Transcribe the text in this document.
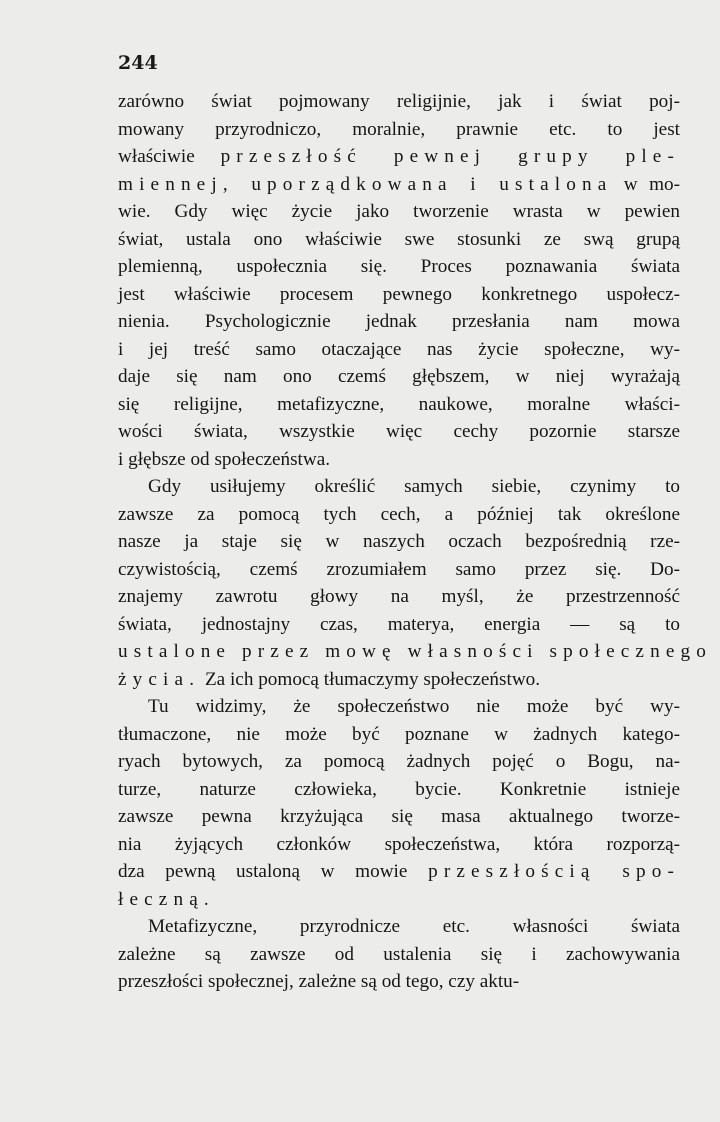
244
zarówno świat pojmowany religijnie, jak i świat poj-
mowany przyrodniczo, moralnie, prawnie etc. to jest
właściwie przeszłość pewnej grupy ple-
miennej, uporządkowana i ustalona w mo-
wie. Gdy więc życie jako tworzenie wrasta w pewien
świat, ustala ono właściwie swe stosunki ze swą grupą
plemienną, uspołecznia się. Proces poznawania świata
jest właściwie procesem pewnego konkretnego uspołecz-
nienia. Psychologicznie jednak przesłania nam mowa
i jej treść samo otaczające nas życie społeczne, wy-
daje się nam ono czemś głębszem, w niej wyrażają
się religijne, metafizyczne, naukowe, moralne właści-
wości świata, wszystkie więc cechy pozornie starsze
i głębsze od społeczeństwa.
Gdy usiłujemy określić samych siebie, czynimy to
zawsze za pomocą tych cech, a później tak określone
nasze ja staje się w naszych oczach bezpośrednią rze-
czywistością, czemś zrozumiałem samo przez się. Do-
znajemy zawrotu głowy na myśl, że przestrzenność
świata, jednostajny czas, materya, energia — są to
ustalone przez mowę własności społecznego
życia. Za ich pomocą tłumaczymy społeczeństwo.
Tu widzimy, że społeczeństwo nie może być wy-
tłumaczone, nie może być poznane w żadnych katego-
ryach bytowych, za pomocą żadnych pojęć o Bogu, na-
turze, naturze człowieka, bycie. Konkretnie istnieje
zawsze pewna krzyżująca się masa aktualnego tworze-
nia żyjących członków społeczeństwa, która rozporzą-
dza pewną ustaloną w mowie przeszłością spo-
łeczną.
Metafizyczne, przyrodnicze etc. własności świata
zależne są zawsze od ustalenia się i zachowywania
przeszłości społecznej, zależne są od tego, czy aktu-
